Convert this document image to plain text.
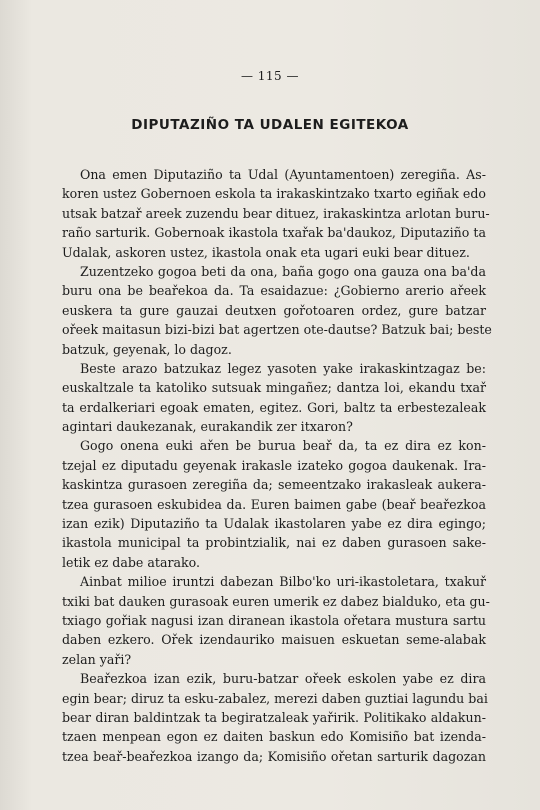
— 115 —
DIPUTAZIÑO TA UDALEN EGITEKOA
Ona emen Diputaziño ta Udal (Ayuntamentoen) zeregiña. As-
koren ustez Gobernoen eskola ta irakaskintzako txarto egiñak edo
utsak batzař areek zuzendu bear dituez, irakaskintza arlotan buru-
raño sarturik. Gobernoak ikastola txařak ba'daukoz, Diputaziño ta
Udalak, askoren ustez, ikastola onak eta ugari euki bear dituez.
Zuzentzeko gogoa beti da ona, baña gogo ona gauza ona ba'da
buru ona be beařekoa da. Ta esaidazue: ¿Gobierno arerio ařeek
euskera ta gure gauzai deutxen gořotoaren ordez, gure batzar
ořeek maitasun bizi-bizi bat agertzen ote-dautse? Batzuk bai; beste
batzuk, geyenak, lo dagoz.
Beste arazo batzukaz legez yasoten yake irakaskintzagaz be:
euskaltzale ta katoliko sutsuak mingañez; dantza loi, ekandu txař
ta erdalkeriari egoak ematen, egitez. Gori, baltz ta erbestezaleak
agintari daukezanak, eurakandik zer itxaron?
Gogo onena euki ařen be burua beař da, ta ez dira ez kon-
tzejal ez diputadu geyenak irakasle izateko gogoa daukenak. Ira-
kaskintza gurasoen zeregiña da; semeentzako irakasleak aukera-
tzea gurasoen eskubidea da. Euren baimen gabe (beař beařezkoa
izan ezik) Diputaziño ta Udalak ikastolaren yabe ez dira egingo;
ikastola municipal ta probintzialik, nai ez daben gurasoen sake-
letik ez dabe atarako.
Ainbat milioe iruntzi dabezan Bilbo'ko uri-ikastoletara, txakuř
txiki bat dauken gurasoak euren umerik ez dabez bialduko, eta gu-
txiago gořiak nagusi izan diranean ikastola ořetara mustura sartu
daben ezkero. Ořek izendauriko maisuen eskuetan seme-alabak
zelan yaři?
Beařezkoa izan ezik, buru-batzar ořeek eskolen yabe ez dira
egin bear; diruz ta esku-zabalez, merezi daben guztiai lagundu bai
bear diran baldintzak ta begiratzaleak yařirik. Politikako aldakun-
tzaen menpean egon ez daiten baskun edo Komisiño bat izenda-
tzea beař-beařezkoa izango da; Komisiño ořetan sarturik dagozan
